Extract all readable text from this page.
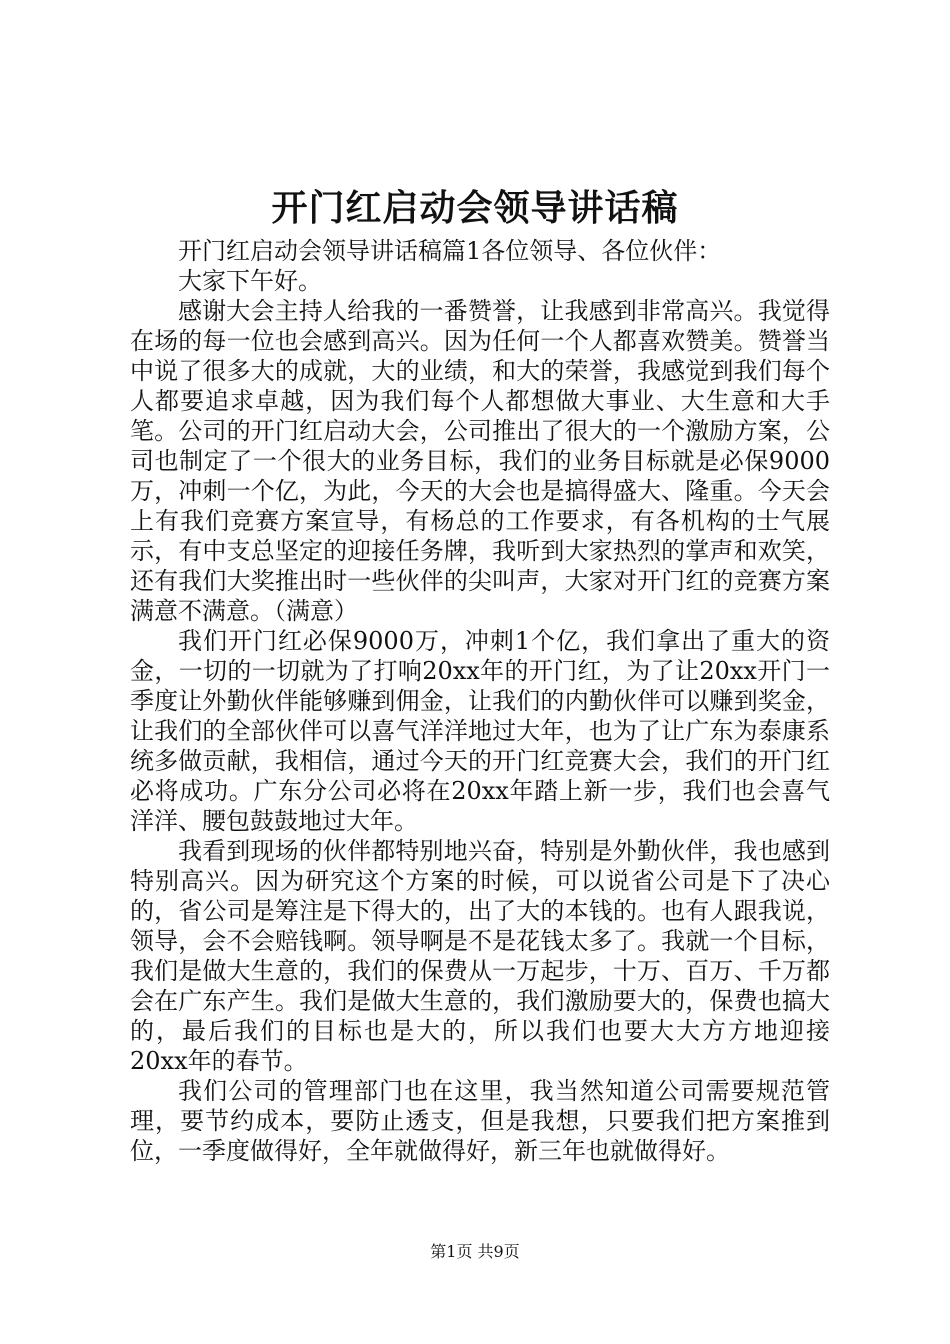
开门红启动会领导讲话稿

开门红启动会领导讲话稿篇1各位领导、各位伙伴：

大家下午好。

感谢大会主持人给我的一番赞誉，让我感到非常高兴。我觉得在场的每一位也会感到高兴。因为任何一个人都喜欢赞美。赞誉当中说了很多大的成就，大的业绩，和大的荣誉，我感觉到我们每个人都要追求卓越，因为我们每个人都想做大事业、大生意和大手笔。公司的开门红启动大会，公司推出了很大的一个激励方案，公司也制定了一个很大的业务目标，我们的业务目标就是必保9000万，冲刺一个亿，为此，今天的大会也是搞得盛大、隆重。今天会上有我们竞赛方案宣导，有杨总的工作要求，有各机构的士气展示，有中支总坚定的迎接任务牌，我听到大家热烈的掌声和欢笑，还有我们大奖推出时一些伙伴的尖叫声，大家对开门红的竞赛方案满意不满意。（满意）

我们开门红必保9000万，冲刺1个亿，我们拿出了重大的资金，一切的一切就为了打响20xx年的开门红，为了让20xx开门一季度让外勤伙伴能够赚到佣金，让我们的内勤伙伴可以赚到奖金，让我们的全部伙伴可以喜气洋洋地过大年，也为了让广东为泰康系统多做贡献，我相信，通过今天的开门红竞赛大会，我们的开门红必将成功。广东分公司必将在20xx年踏上新一步，我们也会喜气洋洋、腰包鼓鼓地过大年。

我看到现场的伙伴都特别地兴奋，特别是外勤伙伴，我也感到特别高兴。因为研究这个方案的时候，可以说省公司是下了决心的，省公司是筹注是下得大的，出了大的本钱的。也有人跟我说，领导，会不会赔钱啊。领导啊是不是花钱太多了。我就一个目标，我们是做大生意的，我们的保费从一万起步，十万、百万、千万都会在广东产生。我们是做大生意的，我们激励要大的，保费也搞大的，最后我们的目标也是大的，所以我们也要大大方方地迎接20xx年的春节。

我们公司的管理部门也在这里，我当然知道公司需要规范管理，要节约成本，要防止透支，但是我想，只要我们把方案推到位，一季度做得好，全年就做得好，新三年也就做得好。

第1页 共9页
